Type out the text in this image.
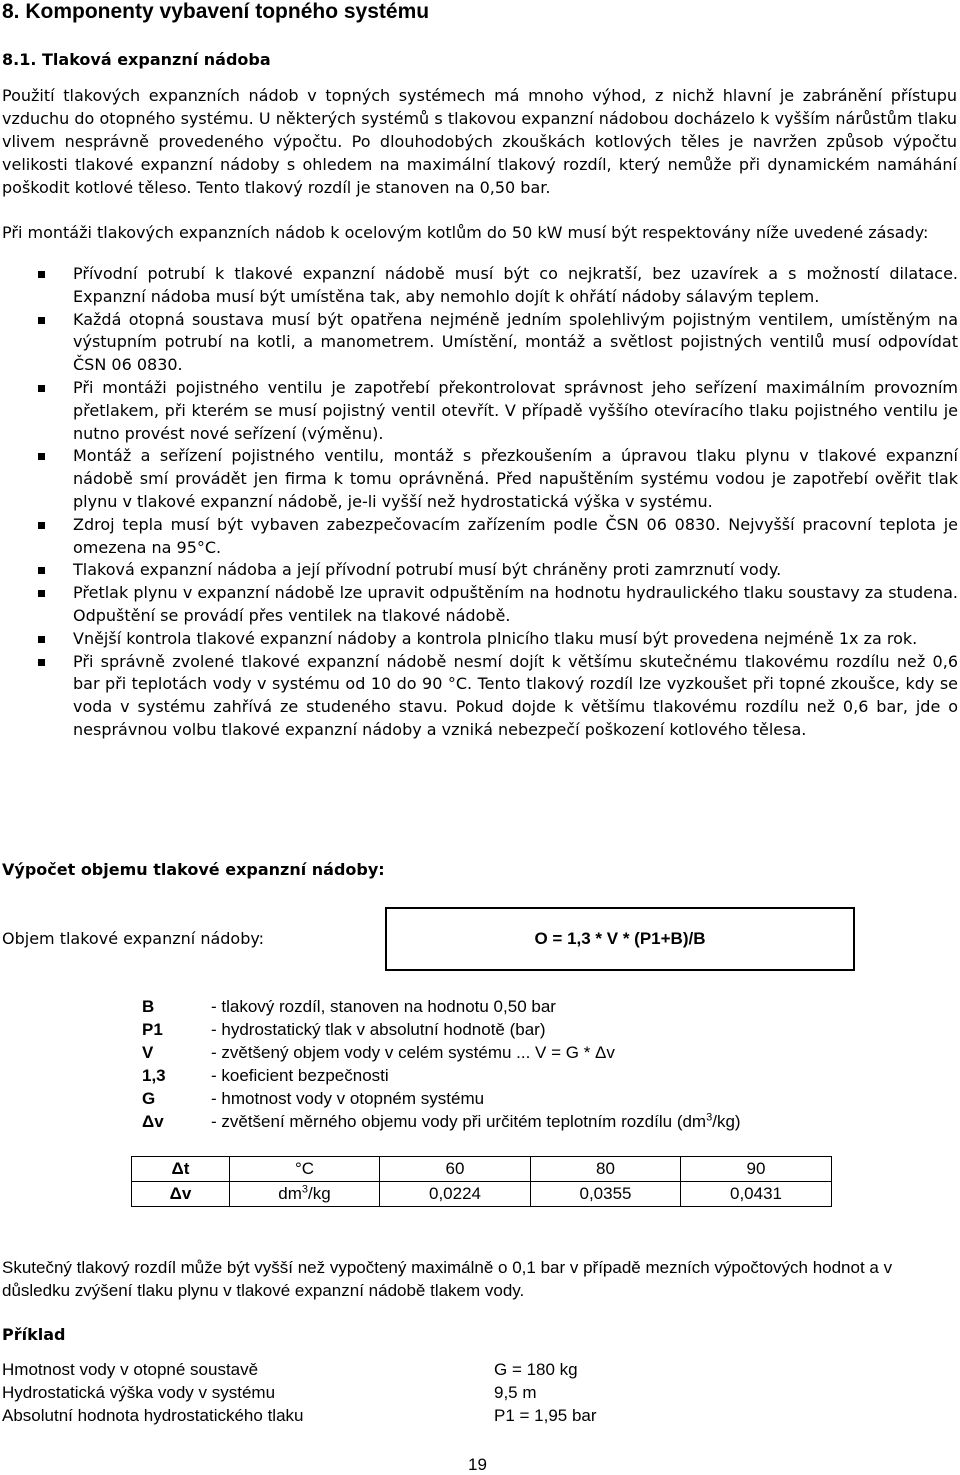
8. Komponenty vybavení topného systému
8.1. Tlaková expanzní nádoba
Použití tlakových expanzních nádob v topných systémech má mnoho výhod, z nichž hlavní je zabránění přístupu vzduchu do otopného systému. U některých systémů s tlakovou expanzní nádobou docházelo k vyšším nárůstům tlaku vlivem nesprávně provedeného výpočtu. Po dlouhodobých zkouškách kotlových těles je navržen způsob výpočtu velikosti tlakové expanzní nádoby s ohledem na maximální tlakový rozdíl, který nemůže při dynamickém namáhání poškodit kotlové těleso. Tento tlakový rozdíl je stanoven na 0,50 bar.
Při montáži tlakových expanzních nádob k ocelovým kotlům do 50 kW musí být respektovány níže uvedené zásady:
Přívodní potrubí k tlakové expanzní nádobě musí být co nejkratší, bez uzavírek a s možností dilatace. Expanzní nádoba musí být umístěna tak, aby nemohlo dojít k ohřátí nádoby sálavým teplem.
Každá otopná soustava musí být opatřena nejméně jedním spolehlivým pojistným ventilem, umístěným na výstupním potrubí na kotli, a manometrem. Umístění, montáž a světlost pojistných ventilů musí odpovídat ČSN 06 0830.
Při montáži pojistného ventilu je zapotřebí překontrolovat správnost jeho seřízení maximálním provozním přetlakem, při kterém se musí pojistný ventil otevřít. V případě vyššího otevíracího tlaku pojistného ventilu je nutno provést nové seřízení (výměnu).
Montáž a seřízení pojistného ventilu, montáž s přezkoušením a úpravou tlaku plynu v tlakové expanzní nádobě smí provádět jen firma k tomu oprávněná. Před napuštěním systému vodou je zapotřebí ověřit tlak plynu v tlakové expanzní nádobě, je-li vyšší než hydrostatická výška v systému.
Zdroj tepla musí být vybaven zabezpečovacím zařízením podle ČSN 06 0830. Nejvyšší pracovní teplota je omezena na 95°C.
Tlaková expanzní nádoba a její přívodní potrubí musí být chráněny proti zamrznutí vody.
Přetlak plynu v expanzní nádobě lze upravit odpuštěním na hodnotu hydraulického tlaku soustavy za studena. Odpuštění se provádí přes ventilek na tlakové nádobě.
Vnější kontrola tlakové expanzní nádoby a kontrola plnicího tlaku musí být provedena nejméně 1x za rok.
Při správně zvolené tlakové expanzní nádobě nesmí dojít k většímu skutečnému tlakovému rozdílu než 0,6 bar při teplotách vody v systému od 10 do 90 °C. Tento tlakový rozdíl lze vyzkoušet při topné zkoušce, kdy se voda v systému zahřívá ze studeného stavu. Pokud dojde k většímu tlakovému rozdílu než 0,6 bar, jde o nesprávnou volbu tlakové expanzní nádoby a vzniká nebezpečí poškození kotlového tělesa.
Výpočet objemu tlakové expanzní nádoby:
Objem tlakové expanzní nádoby:	O = 1,3 * V * (P1+B)/B
B	- tlakový rozdíl, stanoven na hodnotu 0,50 bar
P1	- hydrostatický tlak v absolutní hodnotě (bar)
V	- zvětšený objem vody v celém systému ... V = G * Δv
1,3	- koeficient bezpečnosti
G	- hmotnost vody v otopném systému
Δv	- zvětšení měrného objemu vody při určitém teplotním rozdílu $(dm^3/kg)$
Δt	°C	60	80	90
Δv	$dm^3/kg$	0,0224	0,0355	0,0431
Skutečný tlakový rozdíl může být vyšší než vypočtený maximálně o 0,1 bar v případě mezních výpočtových hodnot a v důsledku zvýšení tlaku plynu v tlakové expanzní nádobě tlakem vody.
Příklad
Hmotnost vody v otopné soustavě	G = 180 kg
Hydrostatická výška vody v systému	9,5 m
Absolutní hodnota hydrostatického tlaku	P1 = 1,95 bar
19
